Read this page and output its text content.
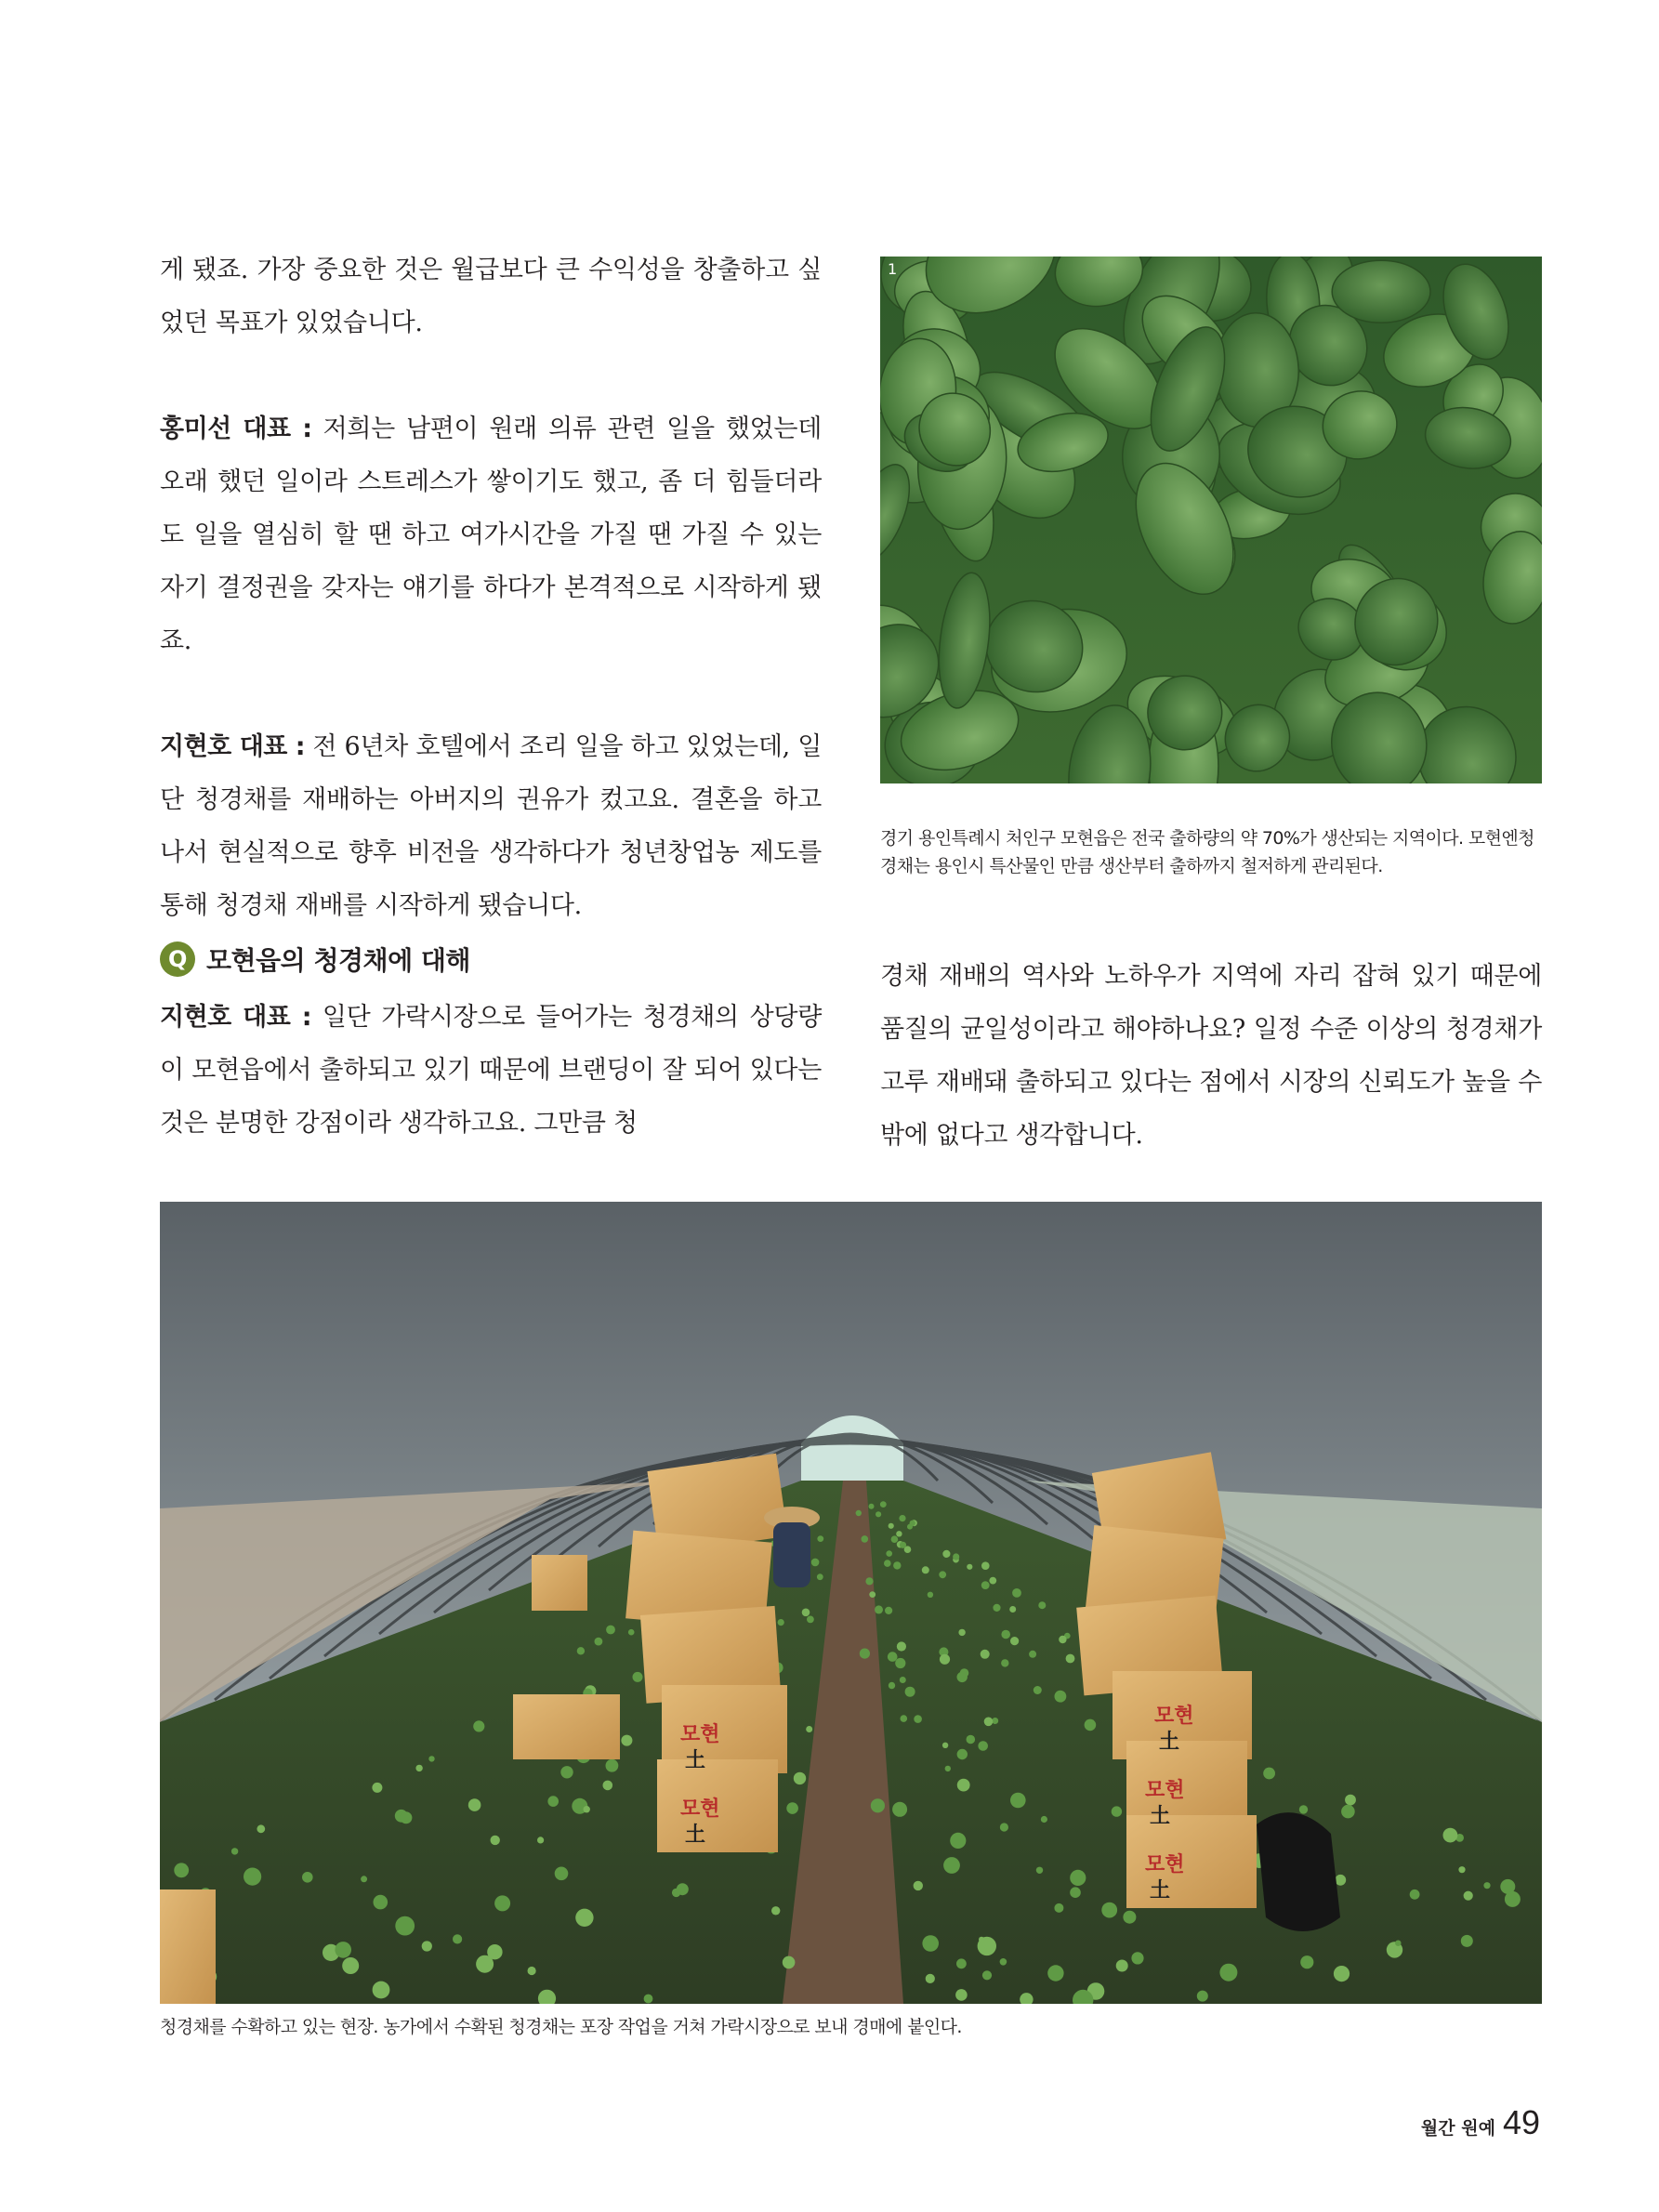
게 됐죠. 가장 중요한 것은 월급보다 큰 수익성을 창출하고 싶었던 목표가 있었습니다.

홍미선 대표 : 저희는 남편이 원래 의류 관련 일을 했었는데 오래 했던 일이라 스트레스가 쌓이기도 했고, 좀 더 힘들더라도 일을 열심히 할 땐 하고 여가시간을 가질 땐 가질 수 있는 자기 결정권을 갖자는 얘기를 하다가 본격적으로 시작하게 됐죠.

지현호 대표 : 전 6년차 호텔에서 조리 일을 하고 있었는데, 일단 청경채를 재배하는 아버지의 권유가 컸고요. 결혼을 하고 나서 현실적으로 향후 비전을 생각하다가 청년창업농 제도를 통해 청경채 재배를 시작하게 됐습니다.

Q 모현읍의 청경채에 대해

지현호 대표 : 일단 가락시장으로 들어가는 청경채의 상당량이 모현읍에서 출하되고 있기 때문에 브랜딩이 잘 되어 있다는 것은 분명한 강점이라 생각하고요. 그만큼 청

경채 재배의 역사와 노하우가 지역에 자리 잡혀 있기 때문에 품질의 균일성이라고 해야하나요? 일정 수준 이상의 청경채가 고루 재배돼 출하되고 있다는 점에서 시장의 신뢰도가 높을 수밖에 없다고 생각합니다.

1
경기 용인특례시 처인구 모현읍은 전국 출하량의 약 70%가 생산되는 지역이다. 모현엔청경채는 용인시 특산물인 만큼 생산부터 출하까지 철저하게 관리된다.
모현
土
모현
土
모현
土
모현
土
모현
土
청경채를 수확하고 있는 현장. 농가에서 수확된 청경채는 포장 작업을 거쳐 가락시장으로 보내 경매에 붙인다.
월간 원예 49
